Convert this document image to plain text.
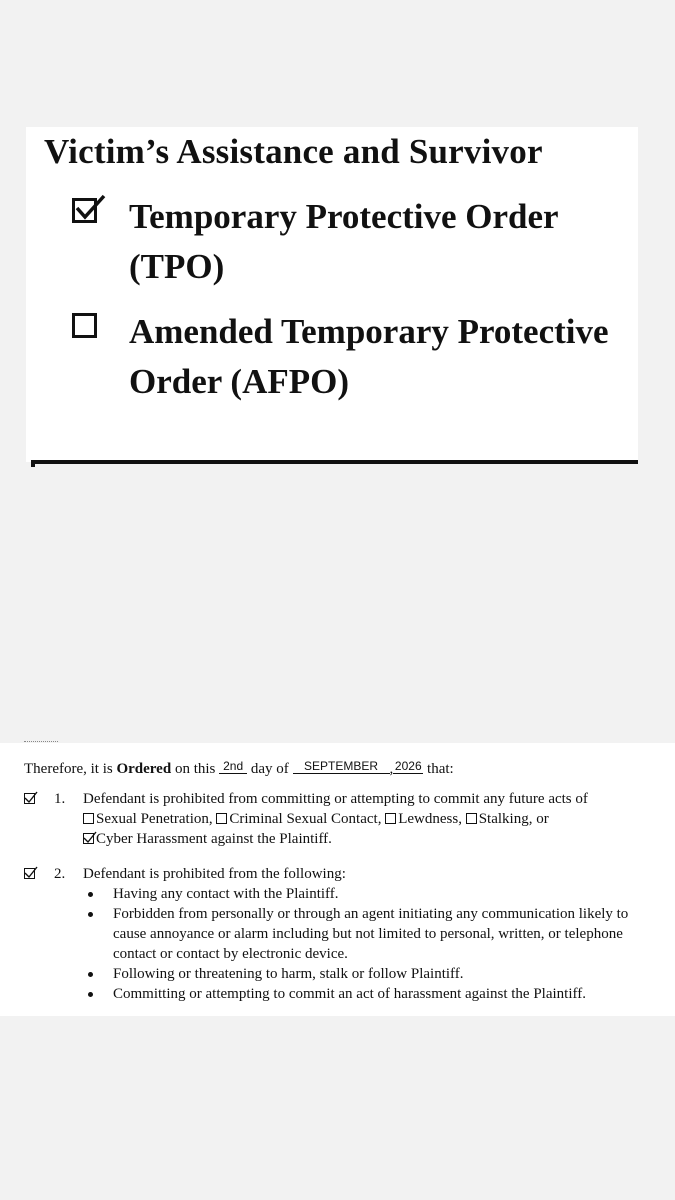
Victim’s Assistance and Survivor
Temporary Protective Order (TPO)
Amended Temporary Protective Order (AFPO)
Therefore, it is Ordered on this 2nd day of SEPTEMBER , 2026 that:
1. Defendant is prohibited from committing or attempting to commit any future acts of
Sexual Penetration, Criminal Sexual Contact, Lewdness, Stalking, or
Cyber Harassment against the Plaintiff.
2. Defendant is prohibited from the following:
Having any contact with the Plaintiff.
Forbidden from personally or through an agent initiating any communication likely to cause annoyance or alarm including but not limited to personal, written, or telephone contact or contact by electronic device.
Following or threatening to harm, stalk or follow Plaintiff.
Committing or attempting to commit an act of harassment against the Plaintiff.
